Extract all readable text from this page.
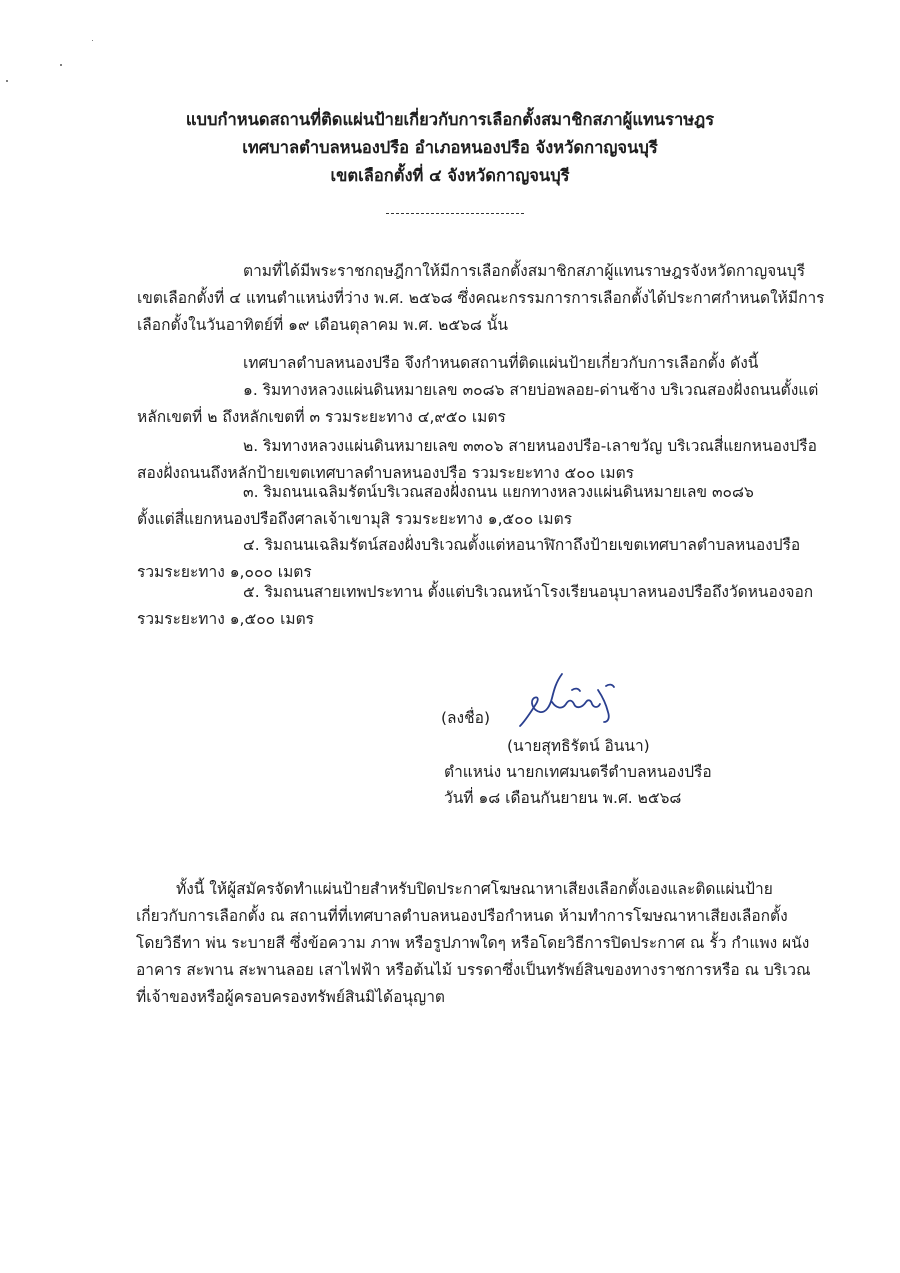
แบบกำหนดสถานที่ติดแผ่นป้ายเกี่ยวกับการเลือกตั้งสมาชิกสภาผู้แทนราษฎร
เทศบาลตำบลหนองปรือ อำเภอหนองปรือ จังหวัดกาญจนบุรี
เขตเลือกตั้งที่ ๔ จังหวัดกาญจนบุรี
ตามที่ได้มีพระราชกฤษฎีกาให้มีการเลือกตั้งสมาชิกสภาผู้แทนราษฎรจังหวัดกาญจนบุรี
เขตเลือกตั้งที่ ๔ แทนตำแหน่งที่ว่าง พ.ศ. ๒๕๖๘ ซึ่งคณะกรรมการการเลือกตั้งได้ประกาศกำหนดให้มีการ
เลือกตั้งในวันอาทิตย์ที่ ๑๙ เดือนตุลาคม พ.ศ. ๒๕๖๘ นั้น
เทศบาลตำบลหนองปรือ จึงกำหนดสถานที่ติดแผ่นป้ายเกี่ยวกับการเลือกตั้ง ดังนี้
๑. ริมทางหลวงแผ่นดินหมายเลข ๓๐๘๖ สายบ่อพลอย-ด่านช้าง บริเวณสองฝั่งถนนตั้งแต่
หลักเขตที่ ๒ ถึงหลักเขตที่ ๓ รวมระยะทาง ๔,๙๕๐ เมตร
๒. ริมทางหลวงแผ่นดินหมายเลข ๓๓๐๖ สายหนองปรือ-เลาขวัญ บริเวณสี่แยกหนองปรือ
สองฝั่งถนนถึงหลักป้ายเขตเทศบาลตำบลหนองปรือ รวมระยะทาง ๕๐๐ เมตร
๓. ริมถนนเฉลิมรัตน์บริเวณสองฝั่งถนน แยกทางหลวงแผ่นดินหมายเลข ๓๐๘๖
ตั้งแต่สี่แยกหนองปรือถึงศาลเจ้าเขามุสิ รวมระยะทาง ๑,๕๐๐ เมตร
๔. ริมถนนเฉลิมรัตน์สองฝั่งบริเวณตั้งแต่หอนาฬิกาถึงป้ายเขตเทศบาลตำบลหนองปรือ
รวมระยะทาง ๑,๐๐๐ เมตร
๕. ริมถนนสายเทพประทาน ตั้งแต่บริเวณหน้าโรงเรียนอนุบาลหนองปรือถึงวัดหนองจอก
รวมระยะทาง ๑,๕๐๐ เมตร
(ลงชื่อ)
(นายสุทธิรัตน์ อินนา)
ตำแหน่ง นายกเทศมนตรีตำบลหนองปรือ
วันที่ ๑๘ เดือนกันยายน พ.ศ. ๒๕๖๘
ทั้งนี้ ให้ผู้สมัครจัดทำแผ่นป้ายสำหรับปิดประกาศโฆษณาหาเสียงเลือกตั้งเองและติดแผ่นป้าย
เกี่ยวกับการเลือกตั้ง ณ สถานที่ที่เทศบาลตำบลหนองปรือกำหนด ห้ามทำการโฆษณาหาเสียงเลือกตั้ง
โดยวิธีทา พ่น ระบายสี ซึ่งข้อความ ภาพ หรือรูปภาพใดๆ หรือโดยวิธีการปิดประกาศ ณ รั้ว กำแพง ผนัง
อาคาร สะพาน สะพานลอย เสาไฟฟ้า หรือต้นไม้ บรรดาซึ่งเป็นทรัพย์สินของทางราชการหรือ ณ บริเวณ
ที่เจ้าของหรือผู้ครอบครองทรัพย์สินมิได้อนุญาต
